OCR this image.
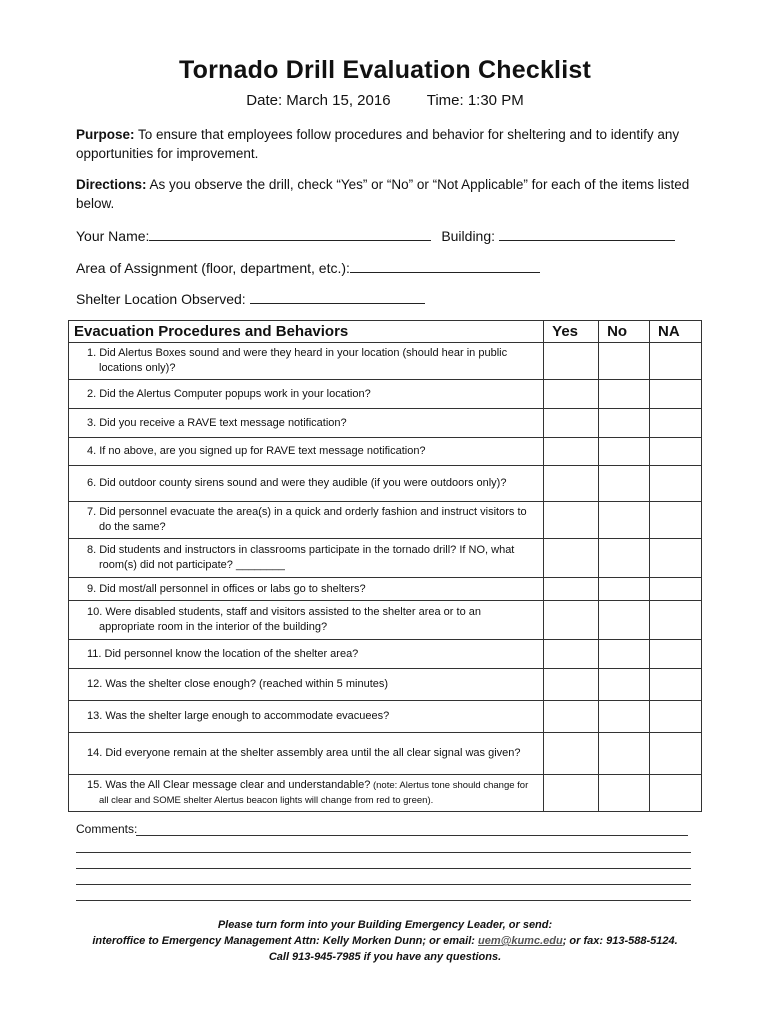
Tornado Drill Evaluation Checklist
Date: March 15, 2016 Time: 1:30 PM
Purpose: To ensure that employees follow procedures and behavior for sheltering and to identify any opportunities for improvement.
Directions: As you observe the drill, check “Yes” or “No” or “Not Applicable” for each of the items listed below.
Your Name:	Building:
Area of Assignment (floor, department, etc.):
Shelter Location Observed:
Evacuation Procedures and Behaviors	Yes	No	NA

1. Did Alertus Boxes sound and were they heard in your location (should hear in public locations only)?			

2. Did the Alertus Computer popups work in your location?			

3. Did you receive a RAVE text message notification?			

4. If no above, are you signed up for RAVE text message notification?			

6. Did outdoor county sirens sound and were they audible (if you were outdoors only)?			

7. Did personnel evacuate the area(s) in a quick and orderly fashion and instruct visitors to do the same?			

8. Did students and instructors in classrooms participate in the tornado drill? If NO, what room(s) did not participate? ________			

9. Did most/all personnel in offices or labs go to shelters?			

10. Were disabled students, staff and visitors assisted to the shelter area or to an appropriate room in the interior of the building?			

11. Did personnel know the location of the shelter area?			

12. Was the shelter close enough? (reached within 5 minutes)			

13. Was the shelter large enough to accommodate evacuees?			

14. Did everyone remain at the shelter assembly area until the all clear signal was given?			

15. Was the All Clear message clear and understandable? (note: Alertus tone should change for all clear and SOME shelter Alertus beacon lights will change from red to green).			

Comments:
Please turn form into your Building Emergency Leader, or send:
interoffice to Emergency Management Attn: Kelly Morken Dunn; or email: uem@kumc.edu; or fax: 913-588-5124.
Call 913-945-7985 if you have any questions.
